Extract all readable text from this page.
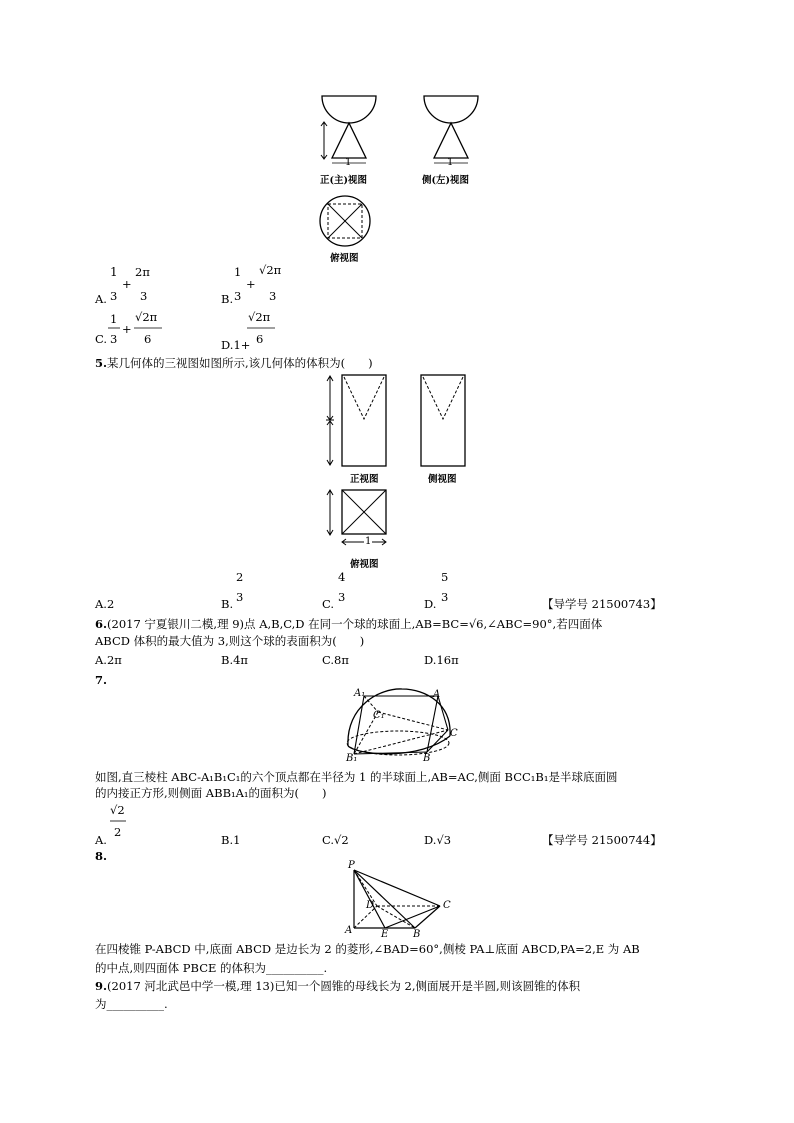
1
正(主)视图
1
侧(左)视图
俯视图
A.
1
3
+
2π
3	B.
1
3
+
√2π
3
C.
1
3
+
√2π
6	D.1+
√2π
6
5.某几何体的三视图如图所示,该几何体的体积为(　　)
正视图	侧视图
1
俯视图
A.2	B.
2
3	C.
4
3	D.
5
3	【导学号 21500743】
6.(2017 宁夏银川二模,理 9)点 A,B,C,D 在同一个球的球面上,AB=BC=√6,∠ABC=90°,若四面体
ABCD 体积的最大值为 3,则这个球的表面积为(　　)
A.2π	B.4π	C.8π	D.16π
7.
A₁	A
C₁
B₁	B
C
如图,直三棱柱 ABC-A₁B₁C₁的六个顶点都在半径为 1 的半球面上,AB=AC,侧面 BCC₁B₁是半球底面圆
的内接正方形,则侧面 ABB₁A₁的面积为(　　)
A.
√2
2
B.1	C.√2	D.√3	【导学号 21500744】
8.
P
D	C
A	E B
在四棱锥 P-ABCD 中,底面 ABCD 是边长为 2 的菱形,∠BAD=60°,侧棱 PA⊥底面 ABCD,PA=2,E 为 AB
的中点,则四面体 PBCE 的体积为__________.
9.(2017 河北武邑中学一模,理 13)已知一个圆锥的母线长为 2,侧面展开是半圆,则该圆锥的体积
为__________.
